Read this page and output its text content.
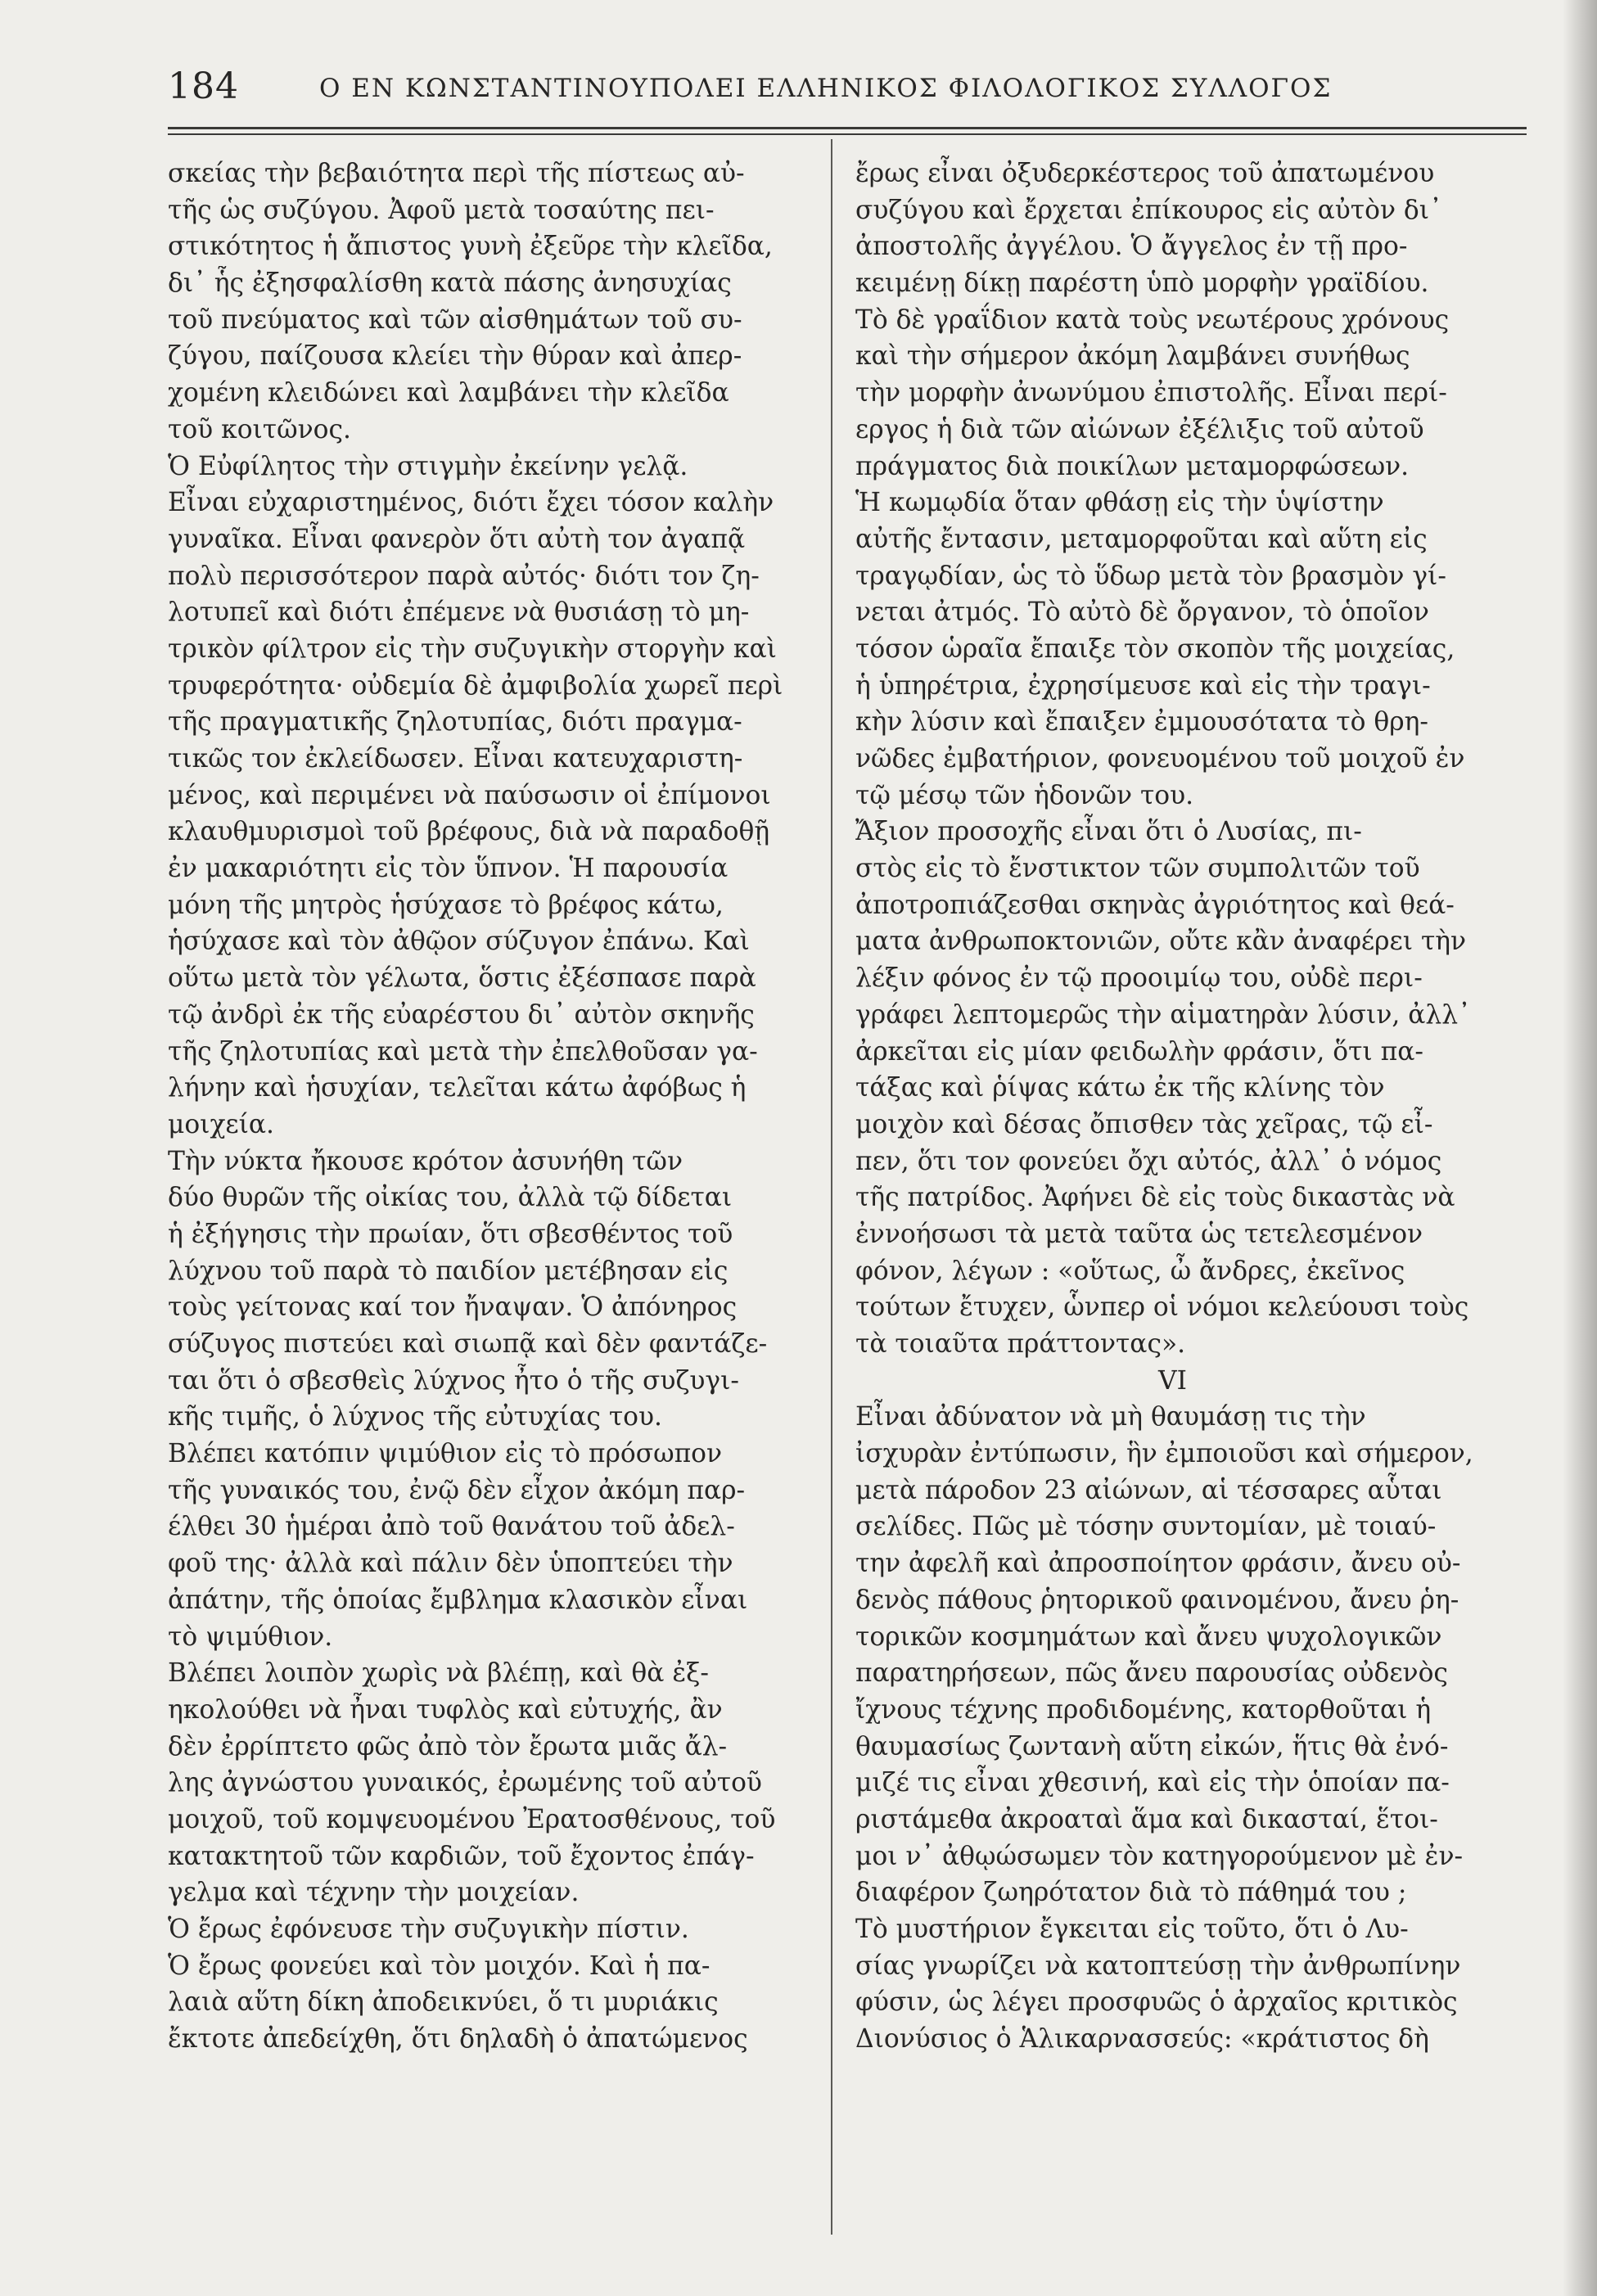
184	Ο ΕΝ ΚΩΝΣΤΑΝΤΙΝΟΥΠΟΛΕΙ ΕΛΛΗΝΙΚΟΣ ΦΙΛΟΛΟΓΙΚΟΣ ΣΥΛΛΟΓΟΣ
σκείας τὴν βεβαιότητα περὶ τῆς πίστεως αὐ-
τῆς ὡς συζύγου. Ἀφοῦ μετὰ τοσαύτης πει-
στικότητος ἡ ἄπιστος γυνὴ ἐξεῦρε τὴν κλεῖδα,
δι᾽ ἧς ἐξησφαλίσθη κατὰ πάσης ἀνησυχίας
τοῦ πνεύματος καὶ τῶν αἰσθημάτων τοῦ συ-
ζύγου, παίζουσα κλείει τὴν θύραν καὶ ἀπερ-
χομένη κλειδώνει καὶ λαμβάνει τὴν κλεῖδα
τοῦ κοιτῶνος.
Ὁ Εὐφίλητος τὴν στιγμὴν ἐκείνην γελᾷ.
Εἶναι εὐχαριστημένος, διότι ἔχει τόσον καλὴν
γυναῖκα. Εἶναι φανερὸν ὅτι αὐτὴ τον ἀγαπᾷ
πολὺ περισσότερον παρὰ αὐτός· διότι τον ζη-
λοτυπεῖ καὶ διότι ἐπέμενε νὰ θυσιάσῃ τὸ μη-
τρικὸν φίλτρον εἰς τὴν συζυγικὴν στοργὴν καὶ
τρυφερότητα· οὐδεμία δὲ ἀμφιβολία χωρεῖ περὶ
τῆς πραγματικῆς ζηλοτυπίας, διότι πραγμα-
τικῶς τον ἐκλείδωσεν. Εἶναι κατευχαριστη-
μένος, καὶ περιμένει νὰ παύσωσιν οἱ ἐπίμονοι
κλαυθμυρισμοὶ τοῦ βρέφους, διὰ νὰ παραδοθῇ
ἐν μακαριότητι εἰς τὸν ὕπνον. Ἡ παρουσία
μόνη τῆς μητρὸς ἡσύχασε τὸ βρέφος κάτω,
ἡσύχασε καὶ τὸν ἀθῷον σύζυγον ἐπάνω. Καὶ
οὕτω μετὰ τὸν γέλωτα, ὅστις ἐξέσπασε παρὰ
τῷ ἀνδρὶ ἐκ τῆς εὐαρέστου δι᾽ αὐτὸν σκηνῆς
τῆς ζηλοτυπίας καὶ μετὰ τὴν ἐπελθοῦσαν γα-
λήνην καὶ ἡσυχίαν, τελεῖται κάτω ἀφόβως ἡ
μοιχεία.
Τὴν νύκτα ἤκουσε κρότον ἀσυνήθη τῶν
δύο θυρῶν τῆς οἰκίας του, ἀλλὰ τῷ δίδεται
ἡ ἐξήγησις τὴν πρωίαν, ὅτι σβεσθέντος τοῦ
λύχνου τοῦ παρὰ τὸ παιδίον μετέβησαν εἰς
τοὺς γείτονας καί τον ἤναψαν. Ὁ ἀπόνηρος
σύζυγος πιστεύει καὶ σιωπᾷ καὶ δὲν φαντάζε-
ται ὅτι ὁ σβεσθεὶς λύχνος ἦτο ὁ τῆς συζυγι-
κῆς τιμῆς, ὁ λύχνος τῆς εὐτυχίας του.
Βλέπει κατόπιν ψιμύθιον εἰς τὸ πρόσωπον
τῆς γυναικός του, ἐνῷ δὲν εἶχον ἀκόμη παρ-
έλθει 30 ἡμέραι ἀπὸ τοῦ θανάτου τοῦ ἀδελ-
φοῦ της· ἀλλὰ καὶ πάλιν δὲν ὑποπτεύει τὴν
ἀπάτην, τῆς ὁποίας ἔμβλημα κλασικὸν εἶναι
τὸ ψιμύθιον.
Βλέπει λοιπὸν χωρὶς νὰ βλέπῃ, καὶ θὰ ἐξ-
ηκολούθει νὰ ἦναι τυφλὸς καὶ εὐτυχής, ἂν
δὲν ἐρρίπτετο φῶς ἀπὸ τὸν ἔρωτα μιᾶς ἄλ-
λης ἀγνώστου γυναικός, ἐρωμένης τοῦ αὐτοῦ
μοιχοῦ, τοῦ κομψευομένου Ἐρατοσθένους, τοῦ
κατακτητοῦ τῶν καρδιῶν, τοῦ ἔχοντος ἐπάγ-
γελμα καὶ τέχνην τὴν μοιχείαν.
Ὁ ἔρως ἐφόνευσε τὴν συζυγικὴν πίστιν.
Ὁ ἔρως φονεύει καὶ τὸν μοιχόν. Καὶ ἡ πα-
λαιὰ αὕτη δίκη ἀποδεικνύει, ὅ τι μυριάκις
ἔκτοτε ἀπεδείχθη, ὅτι δηλαδὴ ὁ ἀπατώμενος
ἔρως εἶναι ὀξυδερκέστερος τοῦ ἀπατωμένου
συζύγου καὶ ἔρχεται ἐπίκουρος εἰς αὐτὸν δι᾽
ἀποστολῆς ἀγγέλου. Ὁ ἄγγελος ἐν τῇ προ-
κειμένῃ δίκῃ παρέστη ὑπὸ μορφὴν γραϊδίου.
Τὸ δὲ γραΐδιον κατὰ τοὺς νεωτέρους χρόνους
καὶ τὴν σήμερον ἀκόμη λαμβάνει συνήθως
τὴν μορφὴν ἀνωνύμου ἐπιστολῆς. Εἶναι περί-
εργος ἡ διὰ τῶν αἰώνων ἐξέλιξις τοῦ αὐτοῦ
πράγματος διὰ ποικίλων μεταμορφώσεων.
Ἡ κωμῳδία ὅταν φθάσῃ εἰς τὴν ὑψίστην
αὐτῆς ἔντασιν, μεταμορφοῦται καὶ αὕτη εἰς
τραγῳδίαν, ὡς τὸ ὕδωρ μετὰ τὸν βρασμὸν γί-
νεται ἀτμός. Τὸ αὐτὸ δὲ ὄργανον, τὸ ὁποῖον
τόσον ὡραῖα ἔπαιξε τὸν σκοπὸν τῆς μοιχείας,
ἡ ὑπηρέτρια, ἐχρησίμευσε καὶ εἰς τὴν τραγι-
κὴν λύσιν καὶ ἔπαιξεν ἐμμουσότατα τὸ θρη-
νῶδες ἐμβατήριον, φονευομένου τοῦ μοιχοῦ ἐν
τῷ μέσῳ τῶν ἡδονῶν του.
Ἄξιον προσοχῆς εἶναι ὅτι ὁ Λυσίας, πι-
στὸς εἰς τὸ ἔνστικτον τῶν συμπολιτῶν τοῦ
ἀποτροπιάζεσθαι σκηνὰς ἀγριότητος καὶ θεά-
ματα ἀνθρωποκτονιῶν, οὔτε κἂν ἀναφέρει τὴν
λέξιν φόνος ἐν τῷ προοιμίῳ του, οὐδὲ περι-
γράφει λεπτομερῶς τὴν αἱματηρὰν λύσιν, ἀλλ᾽
ἀρκεῖται εἰς μίαν φειδωλὴν φράσιν, ὅτι πα-
τάξας καὶ ῥίψας κάτω ἐκ τῆς κλίνης τὸν
μοιχὸν καὶ δέσας ὄπισθεν τὰς χεῖρας, τῷ εἶ-
πεν, ὅτι τον φονεύει ὄχι αὐτός, ἀλλ᾽ ὁ νόμος
τῆς πατρίδος. Ἀφήνει δὲ εἰς τοὺς δικαστὰς νὰ
ἐννοήσωσι τὰ μετὰ ταῦτα ὡς τετελεσμένον
φόνον, λέγων : «οὕτως, ὦ ἄνδρες, ἐκεῖνος
τούτων ἔτυχεν, ὧνπερ οἱ νόμοι κελεύουσι τοὺς
τὰ τοιαῦτα πράττοντας».
VI
Εἶναι ἀδύνατον νὰ μὴ θαυμάσῃ τις τὴν
ἰσχυρὰν ἐντύπωσιν, ἣν ἐμποιοῦσι καὶ σήμερον,
μετὰ πάροδον 23 αἰώνων, αἱ τέσσαρες αὗται
σελίδες. Πῶς μὲ τόσην συντομίαν, μὲ τοιαύ-
την ἀφελῆ καὶ ἀπροσποίητον φράσιν, ἄνευ οὐ-
δενὸς πάθους ῥητορικοῦ φαινομένου, ἄνευ ῥη-
τορικῶν κοσμημάτων καὶ ἄνευ ψυχολογικῶν
παρατηρήσεων, πῶς ἄνευ παρουσίας οὐδενὸς
ἴχνους τέχνης προδιδομένης, κατορθοῦται ἡ
θαυμασίως ζωντανὴ αὕτη εἰκών, ἥτις θὰ ἐνό-
μιζέ τις εἶναι χθεσινή, καὶ εἰς τὴν ὁποίαν πα-
ριστάμεθα ἀκροαταὶ ἅμα καὶ δικασταί, ἕτοι-
μοι ν᾽ ἀθῳώσωμεν τὸν κατηγορούμενον μὲ ἐν-
διαφέρον ζωηρότατον διὰ τὸ πάθημά του ;
Τὸ μυστήριον ἔγκειται εἰς τοῦτο, ὅτι ὁ Λυ-
σίας γνωρίζει νὰ κατοπτεύσῃ τὴν ἀνθρωπίνην
φύσιν, ὡς λέγει προσφυῶς ὁ ἀρχαῖος κριτικὸς
Διονύσιος ὁ Ἁλικαρνασσεύς: «κράτιστος δὴ
